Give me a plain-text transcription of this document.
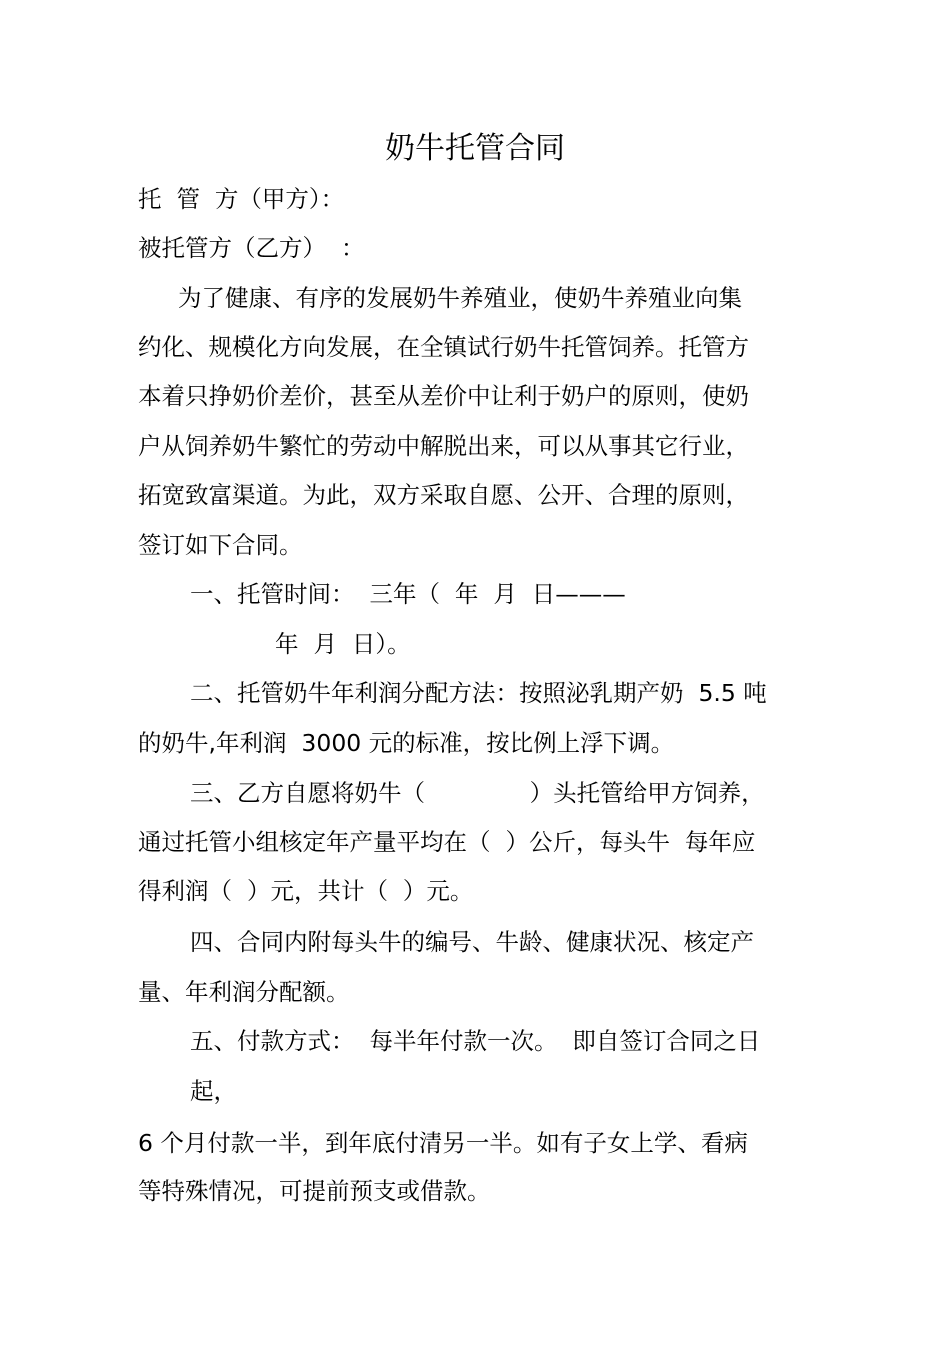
奶牛托管合同
托  管  方（甲方）：
被托管方（乙方）  ：
为了健康、有序的发展奶牛养殖业，使奶牛养殖业向集
约化、规模化方向发展，在全镇试行奶牛托管饲养。托管方
本着只挣奶价差价，甚至从差价中让利于奶户的原则，使奶
户从饲养奶牛繁忙的劳动中解脱出来，可以从事其它行业，
拓宽致富渠道。为此，双方采取自愿、公开、合理的原则，
签订如下合同。
一、托管时间：  三年（  年  月  日———
年  月  日）。
二、托管奶牛年利润分配方法：按照泌乳期产奶  5.5 吨
的奶牛,年利润  3000 元的标准，按比例上浮下调。
三、乙方自愿将奶牛（              ）头托管给甲方饲养，
通过托管小组核定年产量平均在（  ）公斤，每头牛  每年应
得利润（  ）元，共计（  ）元。
四、合同内附每头牛的编号、牛龄、健康状况、核定产
量、年利润分配额。
五、付款方式：  每半年付款一次。  即自签订合同之日
起，
6 个月付款一半，到年底付清另一半。如有子女上学、看病
等特殊情况，可提前预支或借款。
